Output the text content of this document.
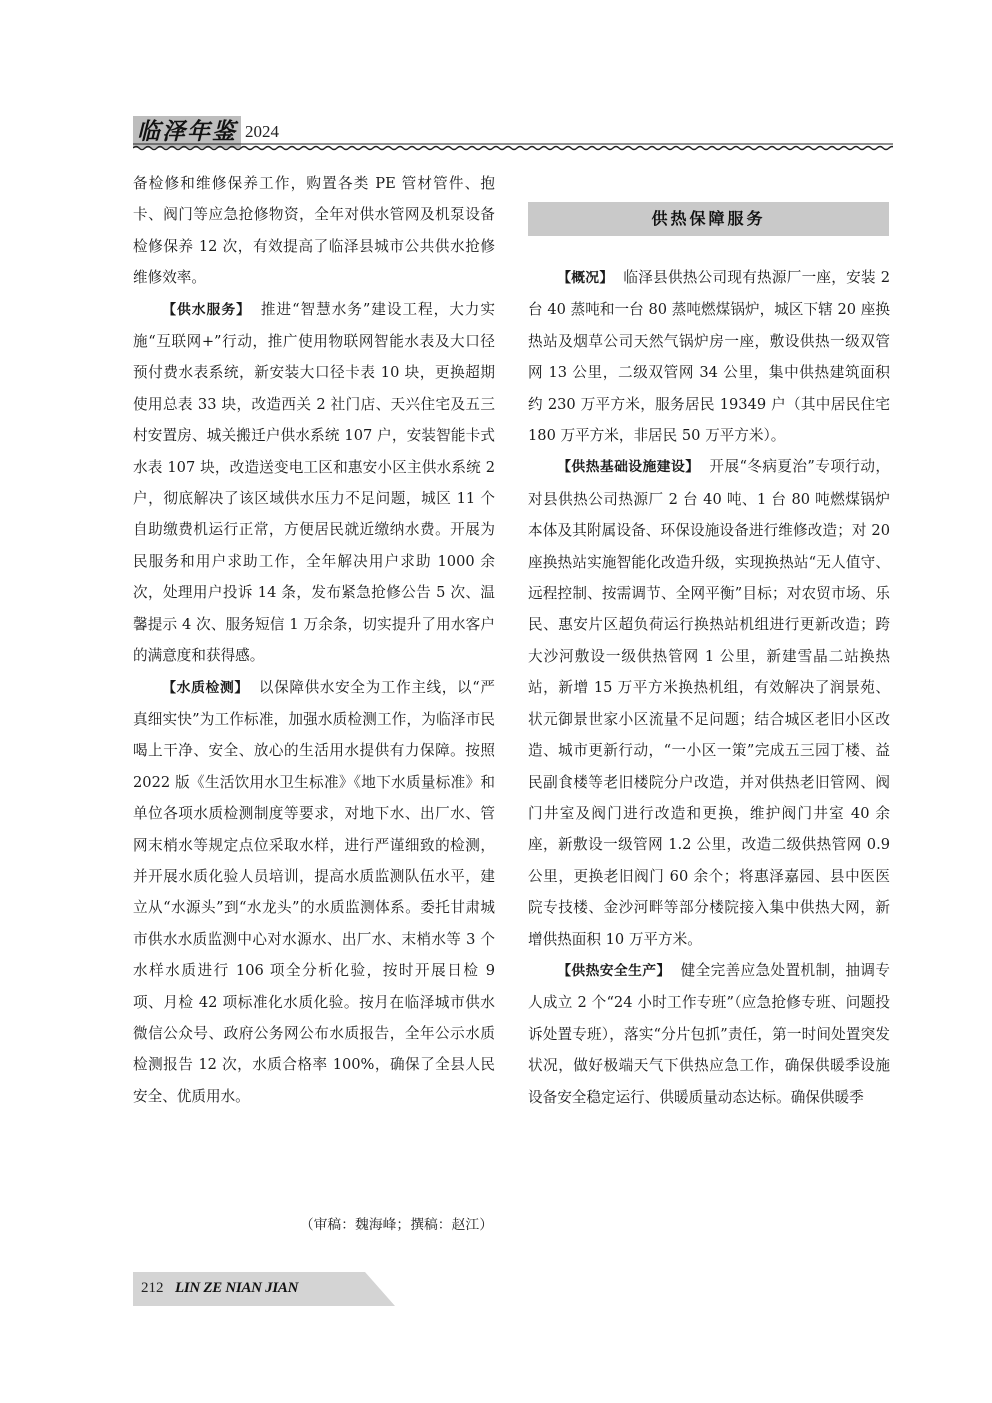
临泽年鉴 2024

备检修和维修保养工作，购置各类 PE 管材管件、抱卡、阀门等应急抢修物资，全年对供水管网及机泵设备检修保养 12 次，有效提高了临泽县城市公共供水抢修维修效率。

【供水服务】 推进“智慧水务”建设工程，大力实施“互联网+”行动，推广使用物联网智能水表及大口径预付费水表系统，新安装大口径卡表 10 块，更换超期使用总表 33 块，改造西关 2 社门店、天兴住宅及五三村安置房、城关搬迁户供水系统 107 户，安装智能卡式水表 107 块，改造送变电工区和惠安小区主供水系统 2 户，彻底解决了该区域供水压力不足问题，城区 11 个自助缴费机运行正常，方便居民就近缴纳水费。开展为民服务和用户求助工作，全年解决用户求助 1000 余次，处理用户投诉 14 条，发布紧急抢修公告 5 次、温馨提示 4 次、服务短信 1 万余条，切实提升了用水客户的满意度和获得感。

【水质检测】 以保障供水安全为工作主线，以“严真细实快”为工作标准，加强水质检测工作，为临泽市民喝上干净、安全、放心的生活用水提供有力保障。按照 2022 版《生活饮用水卫生标准》《地下水质量标准》和单位各项水质检测制度等要求，对地下水、出厂水、管网末梢水等规定点位采取水样，进行严谨细致的检测，并开展水质化验人员培训，提高水质监测队伍水平，建立从“水源头”到“水龙头”的水质监测体系。委托甘肃城市供水水质监测中心对水源水、出厂水、末梢水等 3 个水样水质进行 106 项全分析化验，按时开展日检 9 项、月检 42 项标准化水质化验。按月在临泽城市供水微信公众号、政府公务网公布水质报告，全年公示水质检测报告 12 次，水质合格率 100%，确保了全县人民安全、优质用水。

（审稿：魏海峰；撰稿：赵江）
供热保障服务

【概况】 临泽县供热公司现有热源厂一座，安装 2 台 40 蒸吨和一台 80 蒸吨燃煤锅炉，城区下辖 20 座换热站及烟草公司天然气锅炉房一座，敷设供热一级双管网 13 公里，二级双管网 34 公里，集中供热建筑面积约 230 万平方米，服务居民 19349 户（其中居民住宅 180 万平方米，非居民 50 万平方米）。

【供热基础设施建设】 开展“冬病夏治”专项行动，对县供热公司热源厂 2 台 40 吨、1 台 80 吨燃煤锅炉本体及其附属设备、环保设施设备进行维修改造；对 20 座换热站实施智能化改造升级，实现换热站“无人值守、远程控制、按需调节、全网平衡”目标；对农贸市场、乐民、惠安片区超负荷运行换热站机组进行更新改造；跨大沙河敷设一级供热管网 1 公里，新建雪晶二站换热站，新增 15 万平方米换热机组，有效解决了润景苑、状元御景世家小区流量不足问题；结合城区老旧小区改造、城市更新行动，“一小区一策”完成五三园丁楼、益民副食楼等老旧楼院分户改造，并对供热老旧管网、阀门井室及阀门进行改造和更换，维护阀门井室 40 余座，新敷设一级管网 1.2 公里，改造二级供热管网 0.9 公里，更换老旧阀门 60 余个；将惠泽嘉园、县中医医院专技楼、金沙河畔等部分楼院接入集中供热大网，新增供热面积 10 万平方米。

【供热安全生产】 健全完善应急处置机制，抽调专人成立 2 个“24 小时工作专班”（应急抢修专班、问题投诉处置专班），落实“分片包抓”责任，第一时间处置突发状况，做好极端天气下供热应急工作，确保供暖季设施设备安全稳定运行、供暖质量动态达标。确保供暖季

212 LIN ZE NIAN JIAN
